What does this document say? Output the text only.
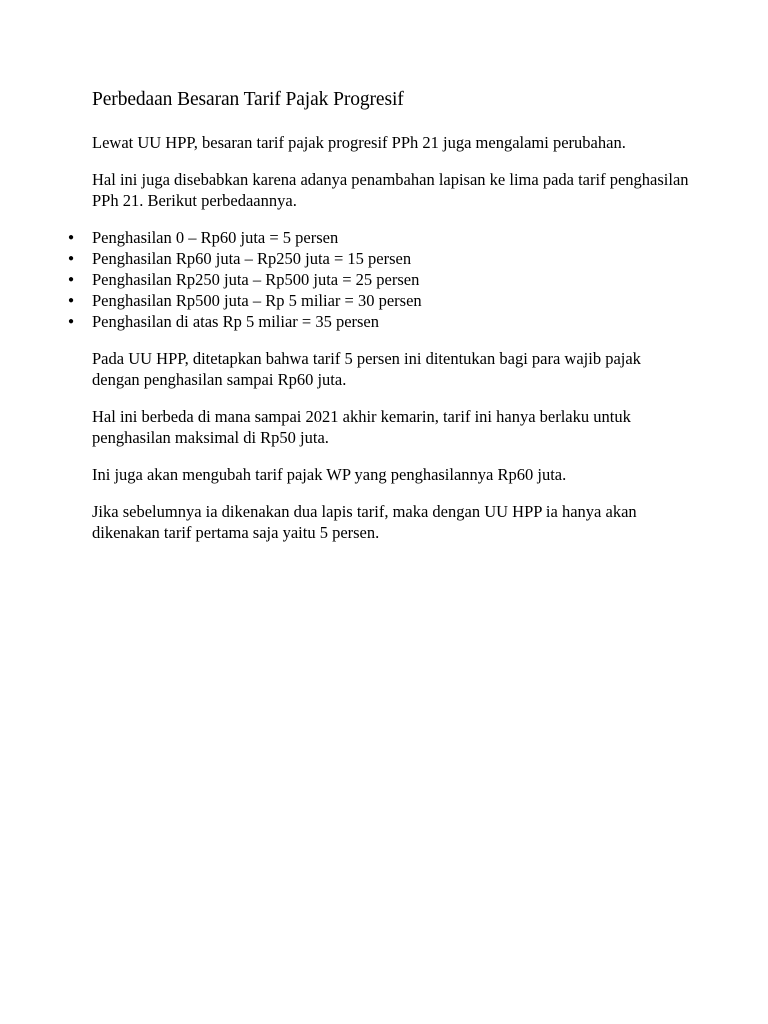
Perbedaan Besaran Tarif Pajak Progresif

Lewat UU HPP, besaran tarif pajak progresif PPh 21 juga mengalami perubahan.

Hal ini juga disebabkan karena adanya penambahan lapisan ke lima pada tarif penghasilan PPh 21. Berikut perbedaannya.

● Penghasilan 0 – Rp60 juta = 5 persen
● Penghasilan Rp60 juta – Rp250 juta = 15 persen
● Penghasilan Rp250 juta – Rp500 juta = 25 persen
● Penghasilan Rp500 juta – Rp 5 miliar = 30 persen
● Penghasilan di atas Rp 5 miliar = 35 persen

Pada UU HPP, ditetapkan bahwa tarif 5 persen ini ditentukan bagi para wajib pajak dengan penghasilan sampai Rp60 juta.

Hal ini berbeda di mana sampai 2021 akhir kemarin, tarif ini hanya berlaku untuk penghasilan maksimal di Rp50 juta.

Ini juga akan mengubah tarif pajak WP yang penghasilannya Rp60 juta.

Jika sebelumnya ia dikenakan dua lapis tarif, maka dengan UU HPP ia hanya akan dikenakan tarif pertama saja yaitu 5 persen.
